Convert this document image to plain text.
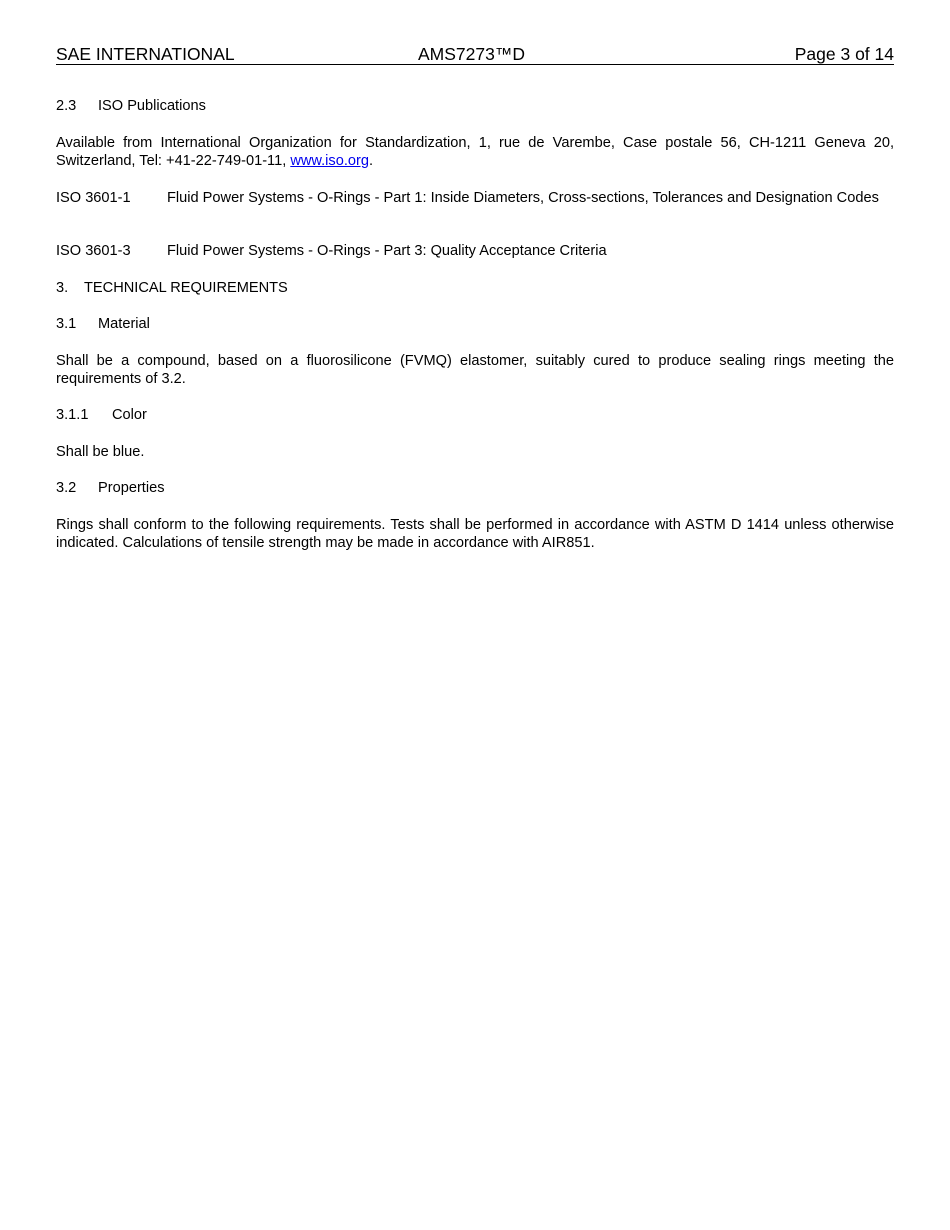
SAE INTERNATIONAL	AMS7273™D	Page 3 of 14
2.3 ISO Publications
Available from International Organization for Standardization, 1, rue de Varembe, Case postale 56, CH-1211 Geneva 20, Switzerland, Tel: +41-22-749-01-11, www.iso.org.
ISO 3601-1 Fluid Power Systems - O-Rings - Part 1: Inside Diameters, Cross-sections, Tolerances and Designation Codes
ISO 3601-3 Fluid Power Systems - O-Rings - Part 3: Quality Acceptance Criteria
3. TECHNICAL REQUIREMENTS
3.1 Material
Shall be a compound, based on a fluorosilicone (FVMQ) elastomer, suitably cured to produce sealing rings meeting the requirements of 3.2.
3.1.1 Color
Shall be blue.
3.2 Properties
Rings shall conform to the following requirements. Tests shall be performed in accordance with ASTM D 1414 unless otherwise indicated. Calculations of tensile strength may be made in accordance with AIR851.
